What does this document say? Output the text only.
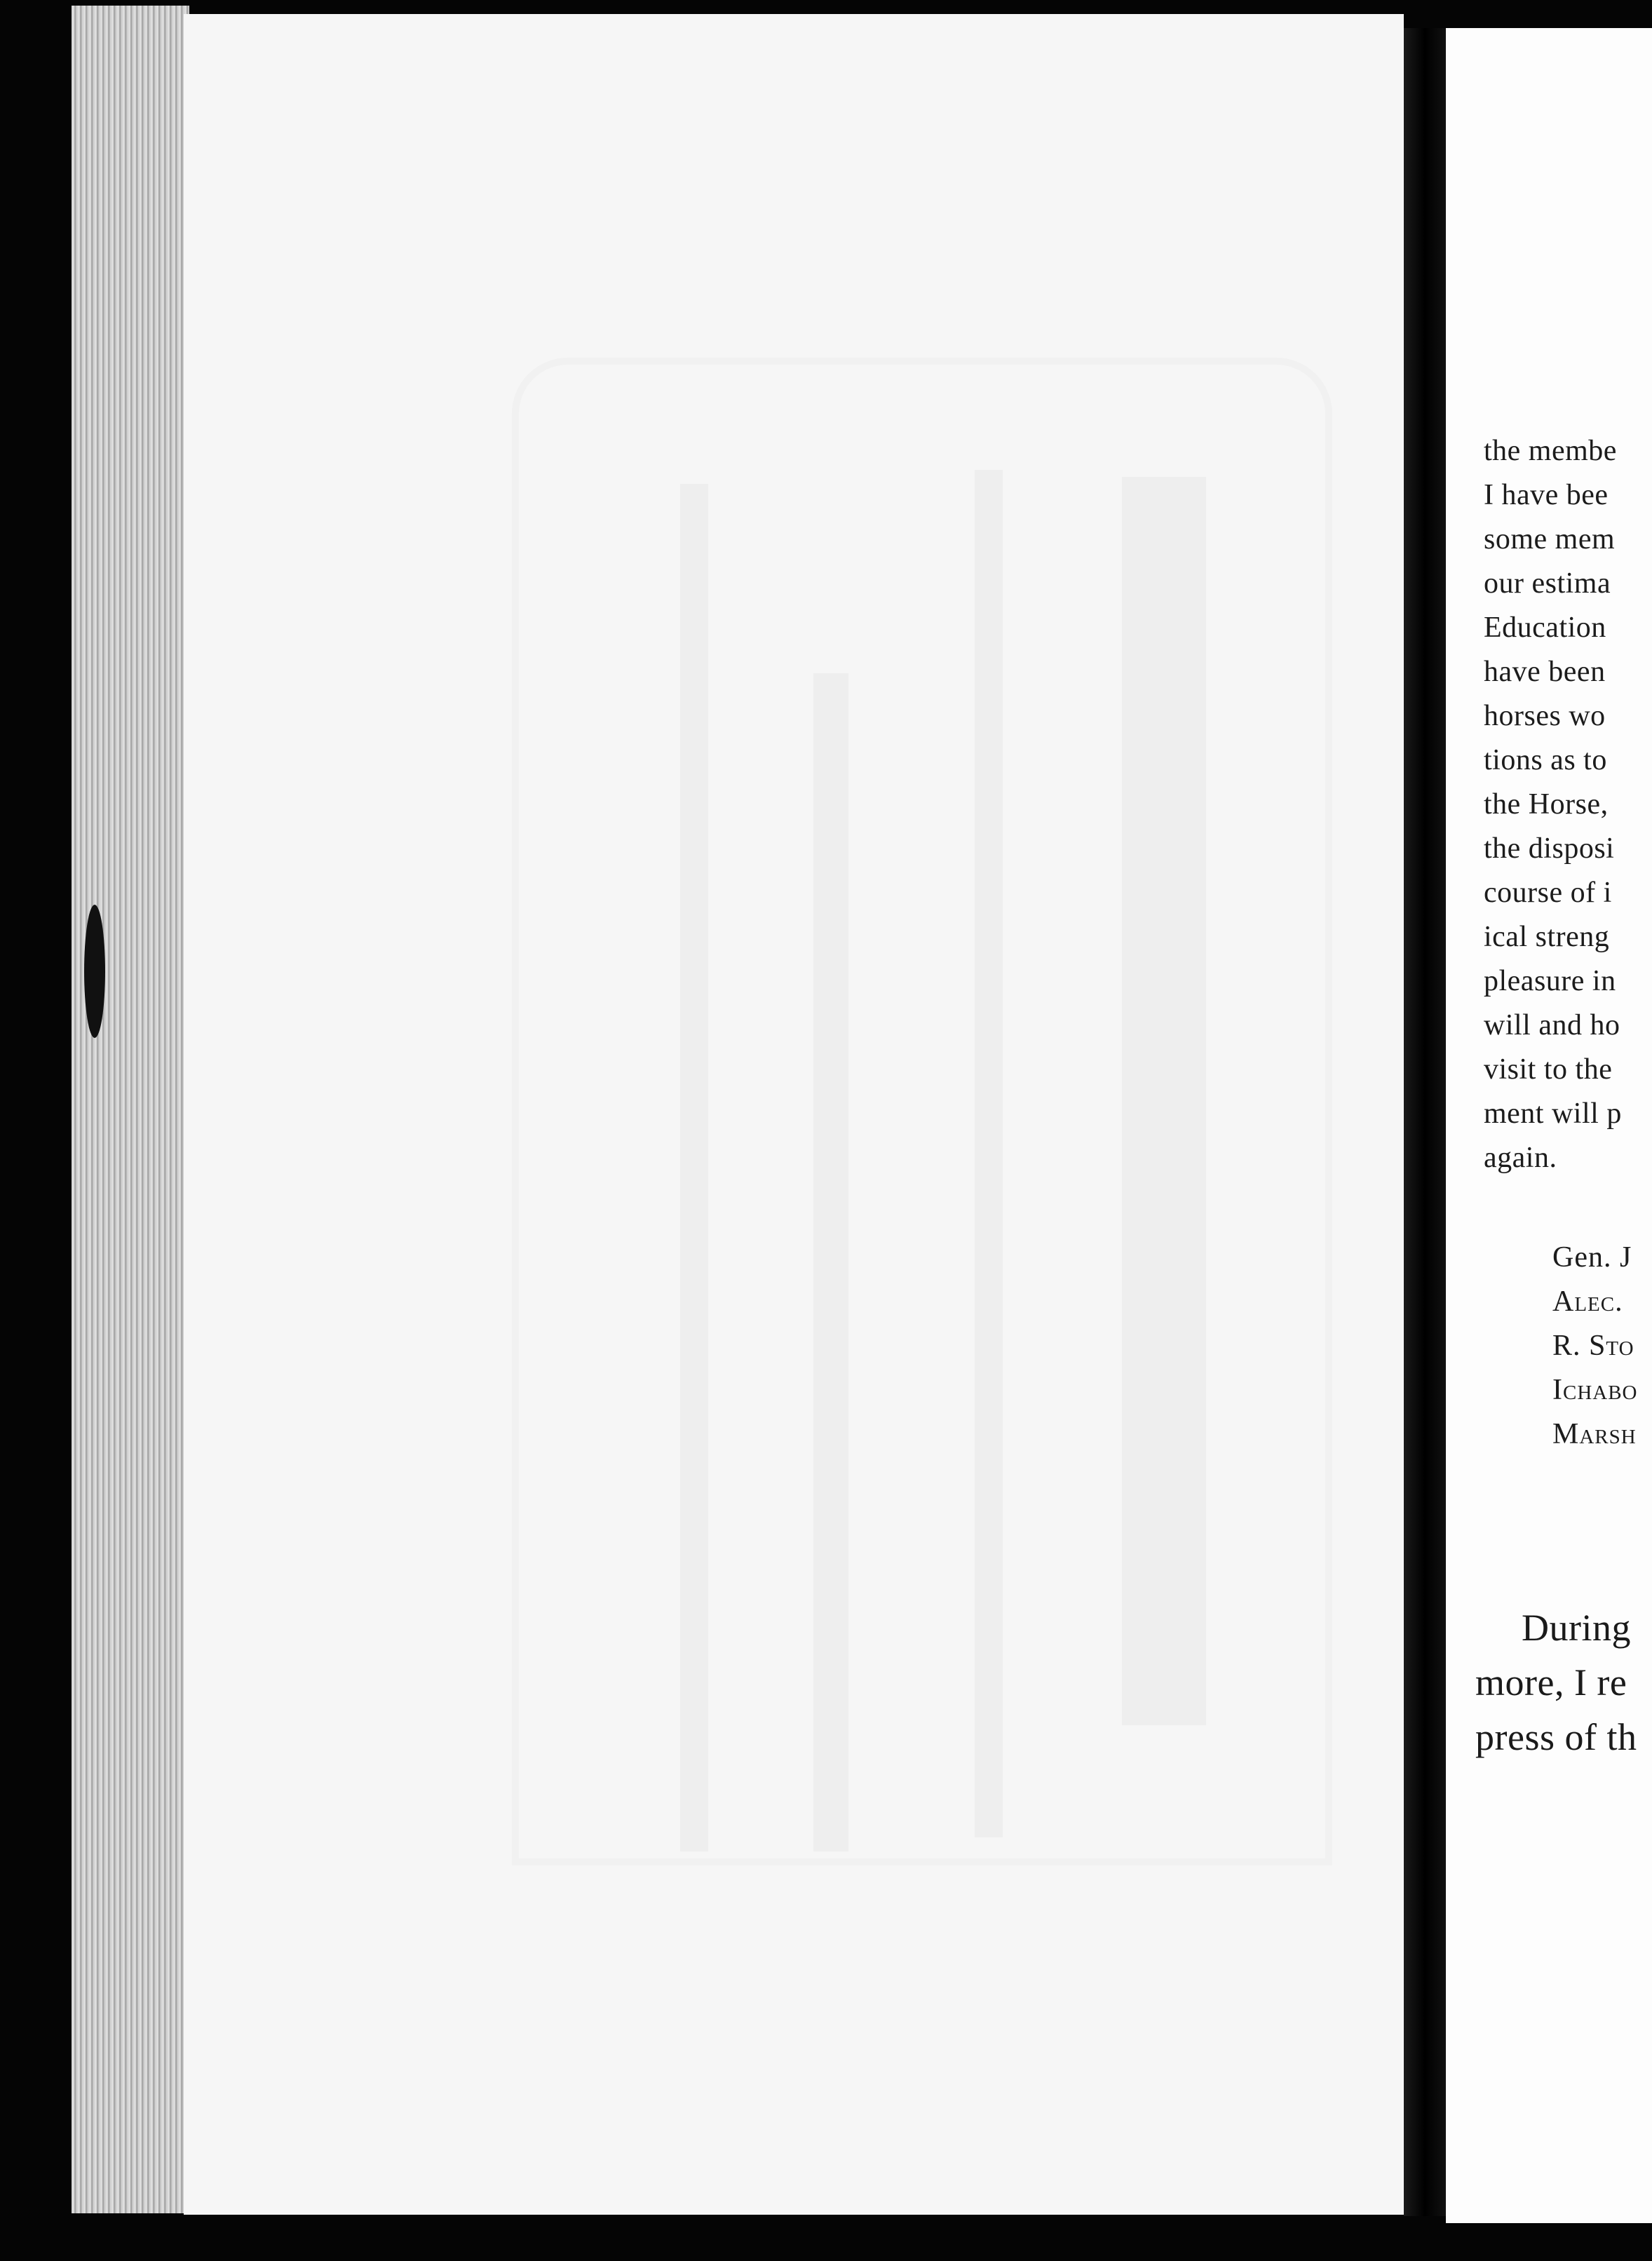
the membe
I have bee
some mem
our estima
Education
have been
horses wo
tions as to
the Horse,
the disposi
course of i
ical streng
pleasure in
will and ho
visit to the
ment will p
again.
Gen. J
Alec.
R. Sto
Ichabo
Marsh
During
more, I re
press of th
